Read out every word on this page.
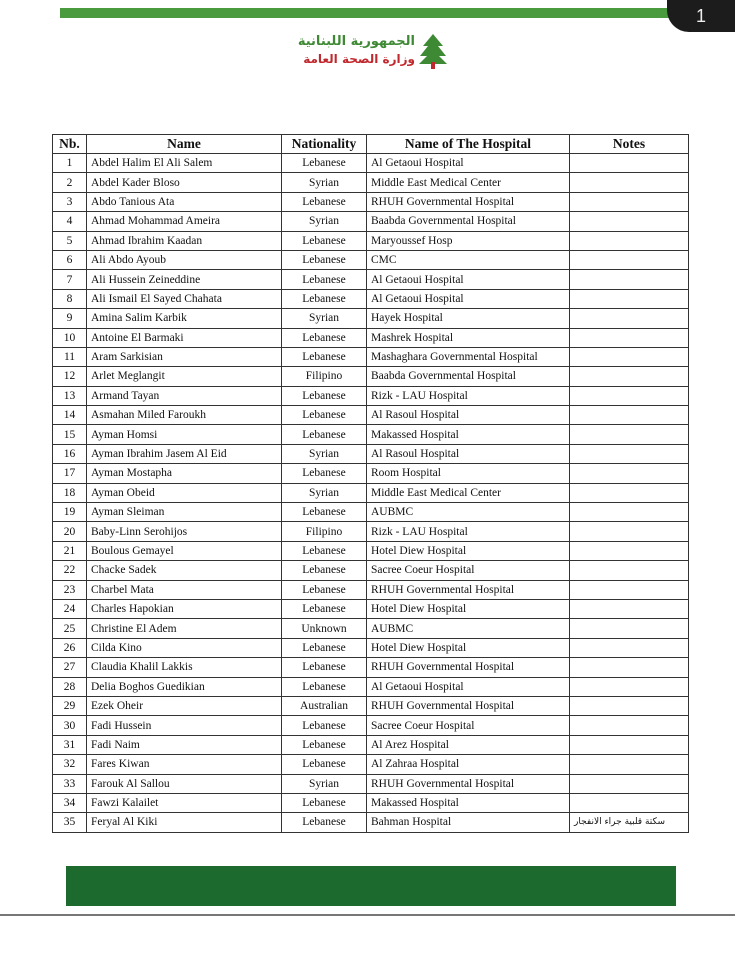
1
الجمهورية اللبنانية
وزارة الصحة العامة
Nb.	Name	Nationality	Name of The Hospital	Notes
1	Abdel Halim El Ali Salem	Lebanese	Al Getaoui Hospital	
2	Abdel Kader Bloso	Syrian	Middle East Medical Center	
3	Abdo Tanious Ata	Lebanese	RHUH Governmental Hospital	
4	Ahmad Mohammad Ameira	Syrian	Baabda Governmental Hospital	
5	Ahmad Ibrahim Kaadan	Lebanese	Maryoussef Hosp	
6	Ali Abdo Ayoub	Lebanese	CMC	
7	Ali Hussein Zeineddine	Lebanese	Al Getaoui Hospital	
8	Ali Ismail El Sayed Chahata	Lebanese	Al Getaoui Hospital	
9	Amina Salim Karbik	Syrian	Hayek Hospital	
10	Antoine El Barmaki	Lebanese	Mashrek Hospital	
11	Aram Sarkisian	Lebanese	Mashaghara Governmental Hospital	
12	Arlet Meglangit	Filipino	Baabda Governmental Hospital	
13	Armand Tayan	Lebanese	Rizk - LAU Hospital	
14	Asmahan Miled Faroukh	Lebanese	Al Rasoul Hospital	
15	Ayman Homsi	Lebanese	Makassed Hospital	
16	Ayman Ibrahim Jasem Al Eid	Syrian	Al Rasoul Hospital	
17	Ayman Mostapha	Lebanese	Room Hospital	
18	Ayman Obeid	Syrian	Middle East Medical Center	
19	Ayman Sleiman	Lebanese	AUBMC	
20	Baby-Linn Serohijos	Filipino	Rizk - LAU Hospital	
21	Boulous Gemayel	Lebanese	Hotel Diew Hospital	
22	Chacke Sadek	Lebanese	Sacree Coeur Hospital	
23	Charbel Mata	Lebanese	RHUH Governmental Hospital	
24	Charles Hapokian	Lebanese	Hotel Diew Hospital	
25	Christine El Adem	Unknown	AUBMC	
26	Cilda Kino	Lebanese	Hotel Diew Hospital	
27	Claudia Khalil Lakkis	Lebanese	RHUH Governmental Hospital	
28	Delia Boghos Guedikian	Lebanese	Al Getaoui Hospital	
29	Ezek Oheir	Australian	RHUH Governmental Hospital	
30	Fadi Hussein	Lebanese	Sacree Coeur Hospital	
31	Fadi Naim	Lebanese	Al Arez Hospital	
32	Fares Kiwan	Lebanese	Al Zahraa Hospital	
33	Farouk Al Sallou	Syrian	RHUH Governmental Hospital	
34	Fawzi Kalailet	Lebanese	Makassed Hospital	
35	Feryal Al Kiki	Lebanese	Bahman Hospital	سكتة قلبية جراء الانفجار
